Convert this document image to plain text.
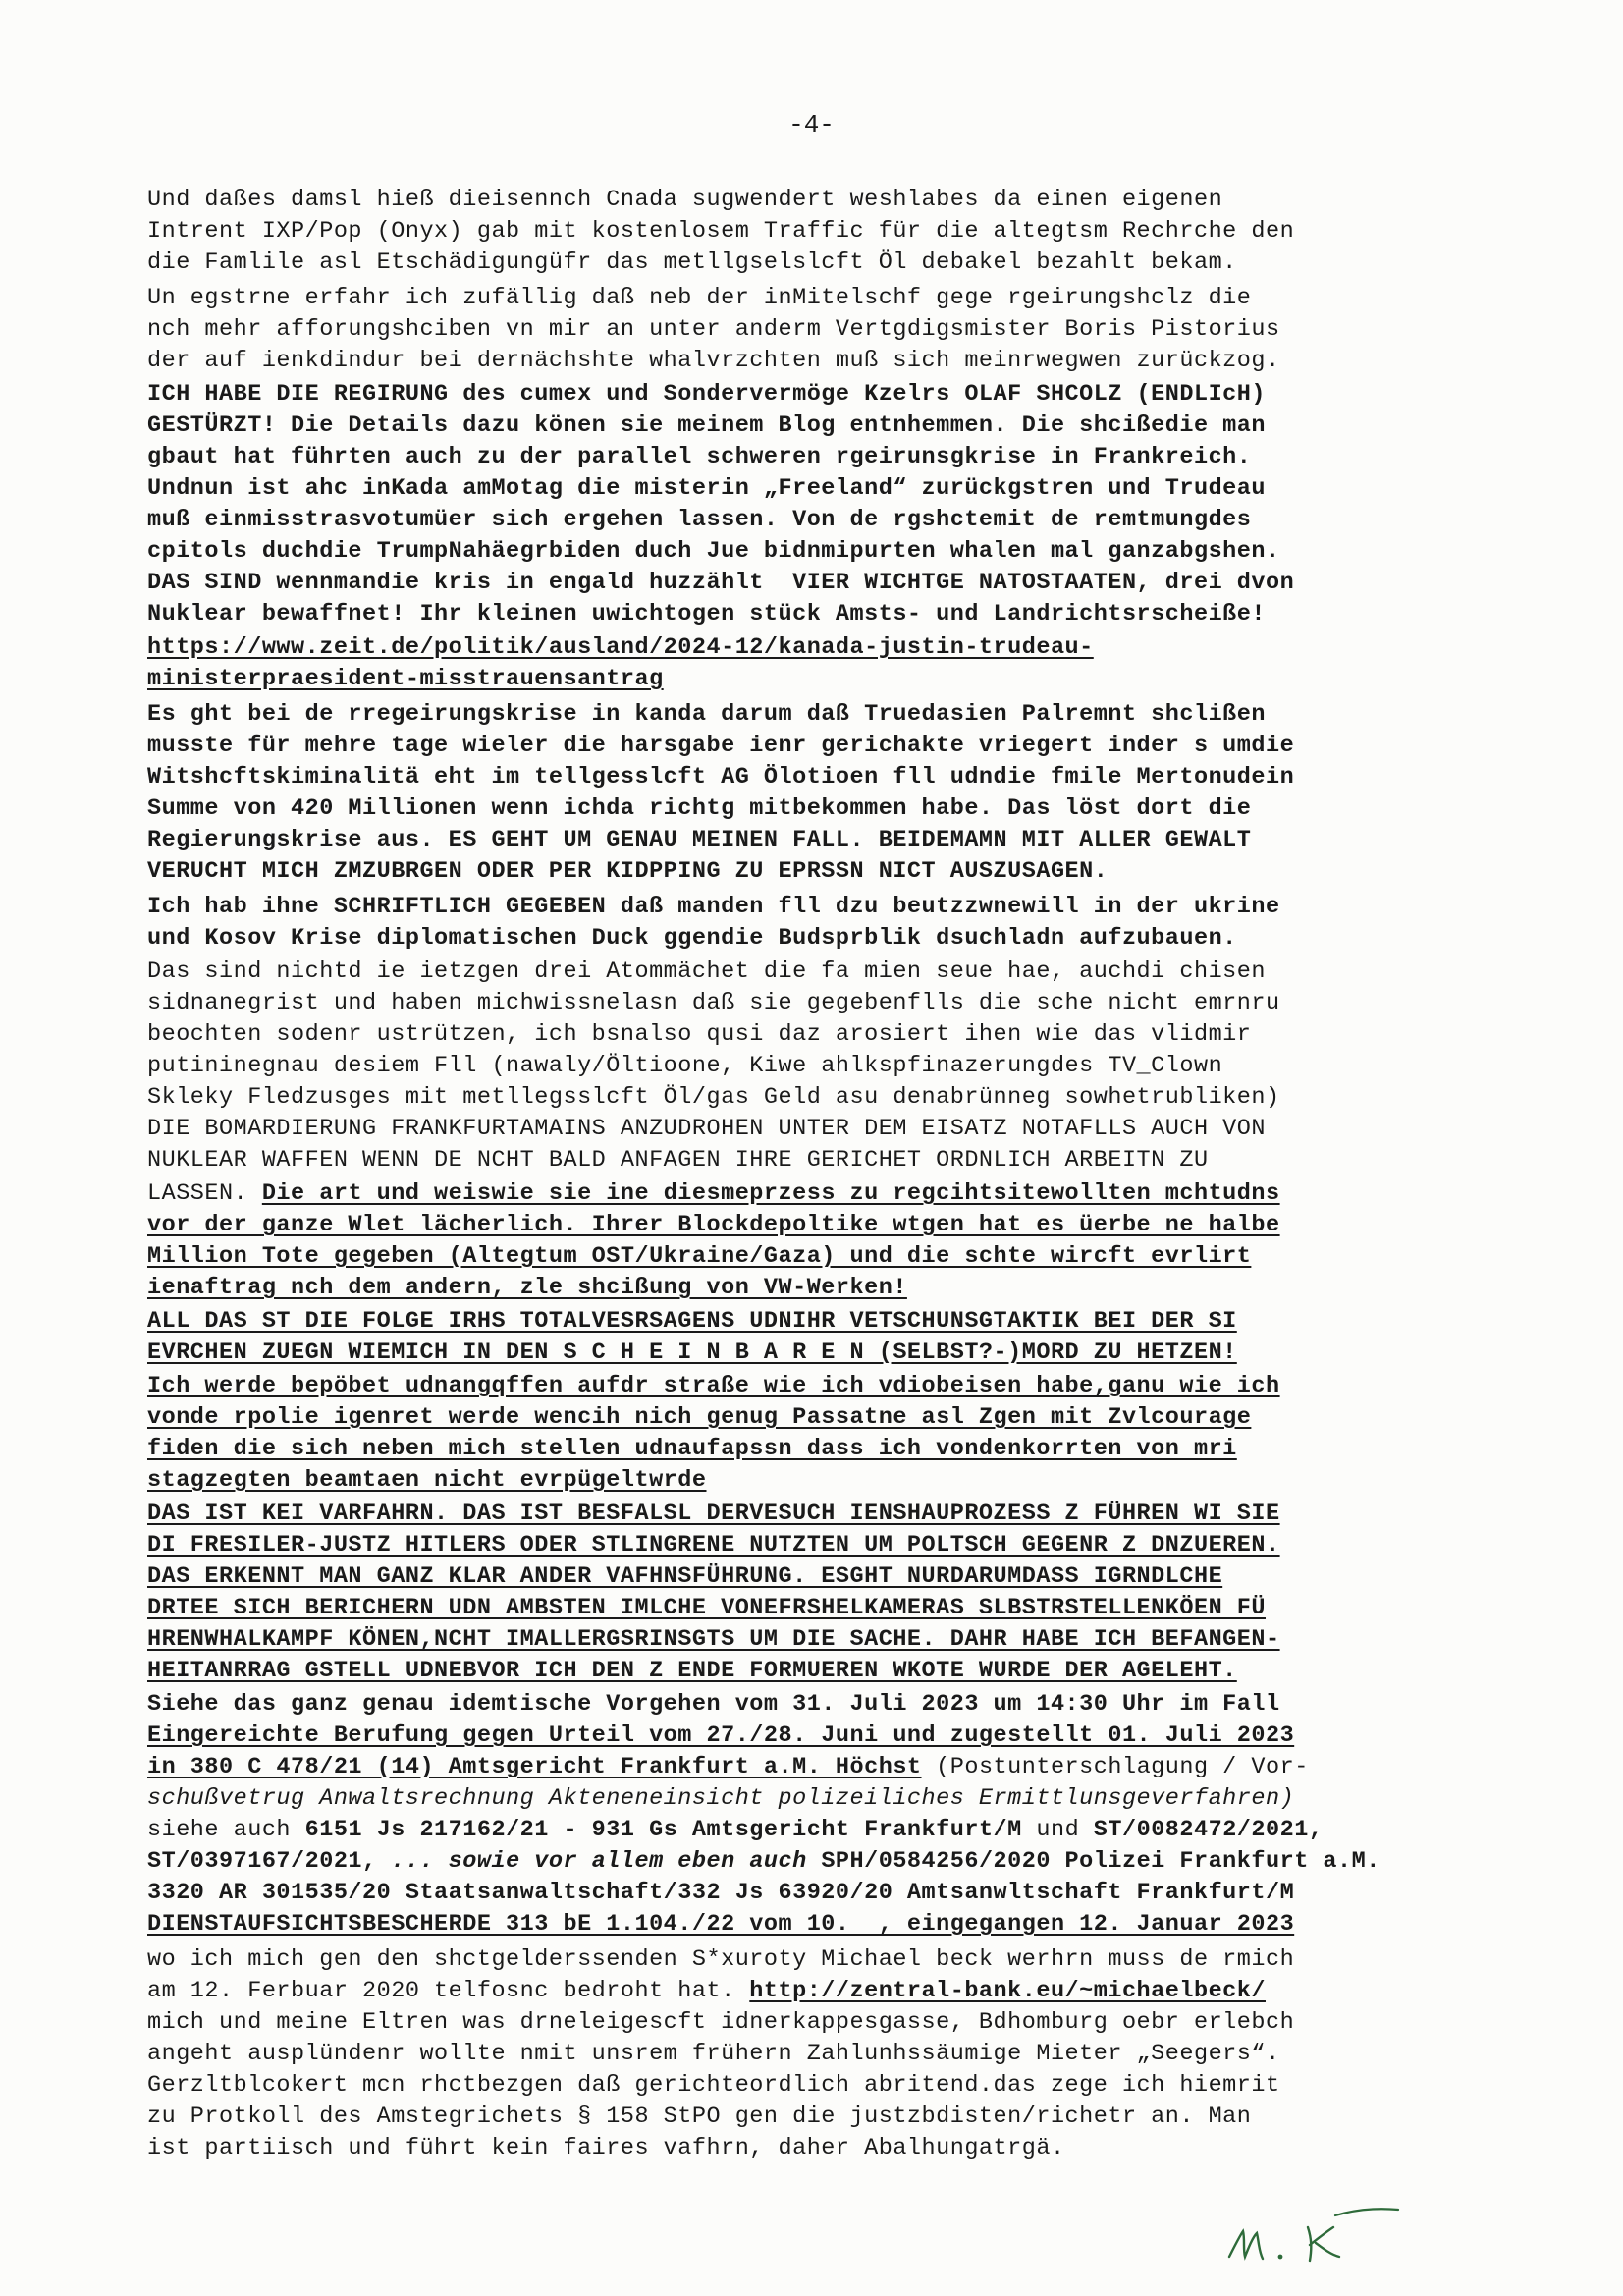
-4-
Und daßes damsl hieß dieisennch Cnada sugwendert weshlabes da einen eigenen
Intrent IXP/Pop (Onyx) gab mit kostenlosem Traffic für die altegtsm Rechrche den
die Famlile asl Etschädigungüfr das metllgselslcft Öl debakel bezahlt bekam.
Un egstrne erfahr ich zufällig daß neb der inMitelschf gege rgeirungshclz die
nch mehr afforungshciben vn mir an unter anderm Vertgdigsmister Boris Pistorius
der auf ienkdindur bei dernächshte whalvrzchten muß sich meinrwegwen zurückzog.
ICH HABE DIE REGIRUNG des cumex und Sondervermöge Kzelrs OLAF SHCOLZ (ENDLIcH)
GESTÜRZT! Die Details dazu könen sie meinem Blog entnhemmen. Die shcißedie man
gbaut hat führten auch zu der parallel schweren rgeirunsgkrise in Frankreich.
Undnun ist ahc inKada amMotag die misterin „Freeland“ zurückgstren und Trudeau
muß einmisstrasvotumüer sich ergehen lassen. Von de rgshcte​mit de remtmungdes
cpitols duchdie TrumpNahäegrbiden duch Jue bidnmipurten whalen mal ganzabgshen.
DAS SIND wennmandie kris in engald huzzählt  VIER WICHTGE NATOSTAATEN, drei dvon
Nuklear bewaffnet! Ihr kleinen uwichtogen stück Amsts- und Landrichtsrscheiße!
https://www.zeit.de/politik/ausland/2024-12/kanada-justin-trudeau-
ministerpraesident-misstrauensantrag
Es ght bei de rregeirungskrise in kanda darum daß Truedasien Palremnt shclißen
musste für mehre tage wieler die harsgabe ienr gerichakte vriegert inder s umdie
Witshcftskiminalitä eht im tellgesslcft AG Ölotioen fll udndie fmile Mertonudein
Summe von 420 Millionen wenn ichda richtg mitbekommen habe. Das löst dort die
Regierungskrise aus. ES GEHT UM GENAU MEINEN FALL. BEIDEMAMN MIT ALLER GEWALT
VERUCHT MICH ZMZUBRGEN ODER PER KIDPPING ZU EPRSSN NICT AUSZUSAGEN.
Ich hab ihne SCHRIFTLICH GEGEBEN daß manden fll dzu beutzzwnewill in der ukrine
und Kosov Krise diplomatischen Duck ggendie Budsprblik dsuchladn aufzubauen.
Das sind nichtd ie ietzgen drei Atommächet die fa mien seue hae, auchdi chisen
sidnanegrist und haben michwissnelasn daß sie gegebenflls die sche nicht emrnru
beochten sodenr ustrützen, ich bsnalso qusi daz arosiert ihen wie das vlidmir
putininegnau desiem Fll (nawaly/Öltioone, Kiwe ahlkspfinazerungdes TV_Clown
Skleky Fledzusges mit metllegsslcft Öl/gas Geld asu denabrünneg sowhetrubliken)
DIE BOMARDIERUNG FRANKFURTAMAINS ANZUDROHEN UNTER DEM EISATZ NOTAFLLS AUCH VON
NUKLEAR WAFFEN WENN DE NCHT BALD ANFAGEN IHRE GERICHET ORDNLICH ARBEITN ZU
LASSEN. Die art und weiswie sie ine diesmeprzess zu regcihtsitewollten mchtudns
vor der ganze Wlet lächerlich. Ihrer Blockdepoltike wtgen hat es üerbe ne halbe
Million Tote gegeben (Altegtum OST/Ukraine/Gaza) und die schte wircft evrlirt
ienaftrag nch dem andern, zle shcißung von VW-Werken!
ALL DAS ST DIE FOLGE IRHS TOTALVESRSAGENS UDNIHR VETSCHUNSGTAKTIK BEI DER SI
EVRCHEN ZUEGN WIEMICH IN DEN S C H E I N B A R E N (SELBST?-)MORD ZU HETZEN!
Ich werde bepöbet udnangqffen aufdr straße wie ich vdiobeisen habe,ganu wie ich
vonde rpolie igenret werde wencih nich genug Passatne asl Zgen mit Zvlcourage
fiden die sich neben mich stellen udnaufapssn dass ich vondenkorrten von mri
stagzegten beamtaen nicht evrpügeltwrde
DAS IST KEI VARFAHRN. DAS IST BESFALSL DERVESUCH IENSHAUPROZESS Z FÜHREN WI SIE
DI FRESILER-JUSTZ HITLERS ODER STLINGRENE NUTZTEN UM POLTSCH GEGENR Z DNZUEREN.
DAS ERKENNT MAN GANZ KLAR ANDER VAFHNSFÜHRUNG. ESGHT NURDARUMDASS IGRNDLCHE
DRTEE SICH BERICHERN UDN AMBSTEN IMLCHE VONEFRSHELKAMERAS SLBSTRSTELLENKÖEN FÜ
HRENWHALKAMPF KÖNEN,NCHT IMALLERGSRINSGTS UM DIE SACHE. DAHR HABE ICH BEFANGEN-
HEITANRRAG GSTELL UDNEBVOR ICH DEN Z ENDE FORMUEREN WKOTE WURDE DER AGELEHT.
Siehe das ganz genau idemtische Vorgehen vom 31. Juli 2023 um 14:30 Uhr im Fall
Eingereichte Berufung gegen Urteil vom 27./28. Juni und zugestellt 01. Juli 2023
in 380 C 478/21 (14) Amtsgericht Frankfurt a.M. Höchst (Postunterschlagung / Vor-
schußvetrug Anwaltsrechnung Akteneneinsicht polizeiliches Ermittlunsgeverfahren)
siehe auch 6151 Js 217162/21 - 931 Gs Amtsgericht Frankfurt/M und ST/0082472/2021,
ST/0397167/2021, ... sowie vor allem eben auch SPH/0584256/2020 Polizei Frankfurt a.M.
3320 AR 301535/20 Staatsanwaltschaft/332 Js 63920/20 Amtsanwltschaft Frankfurt/M
DIENSTAUFSICHTSBESCHERDE 313 bE 1.104./22 vom 10.  , eingegangen 12. Januar 2023
wo ich mich gen den shctgelderssenden S*xuroty Michael beck werhrn muss de rmich
am 12. Ferbuar 2020 telfosnc bedroht hat. http://zentral-bank.eu/~michaelbeck/
mich und meine Eltren was drneleigescft idnerkappesgasse, Bdhomburg oebr erlebch
angeht ausplündenr wollte nmit unsrem frühern Zahlunhssäumige Mieter „Seegers“.
Gerzltblcokert mcn rhctbezgen daß gerichteordlich abritend.das zege ich hiemrit
zu Protkoll des Amstegrichets § 158 StPO gen die justzbdisten/richetr an. Man
ist partiisch und führt kein faires vafhrn, daher Abalhungatrgä.
